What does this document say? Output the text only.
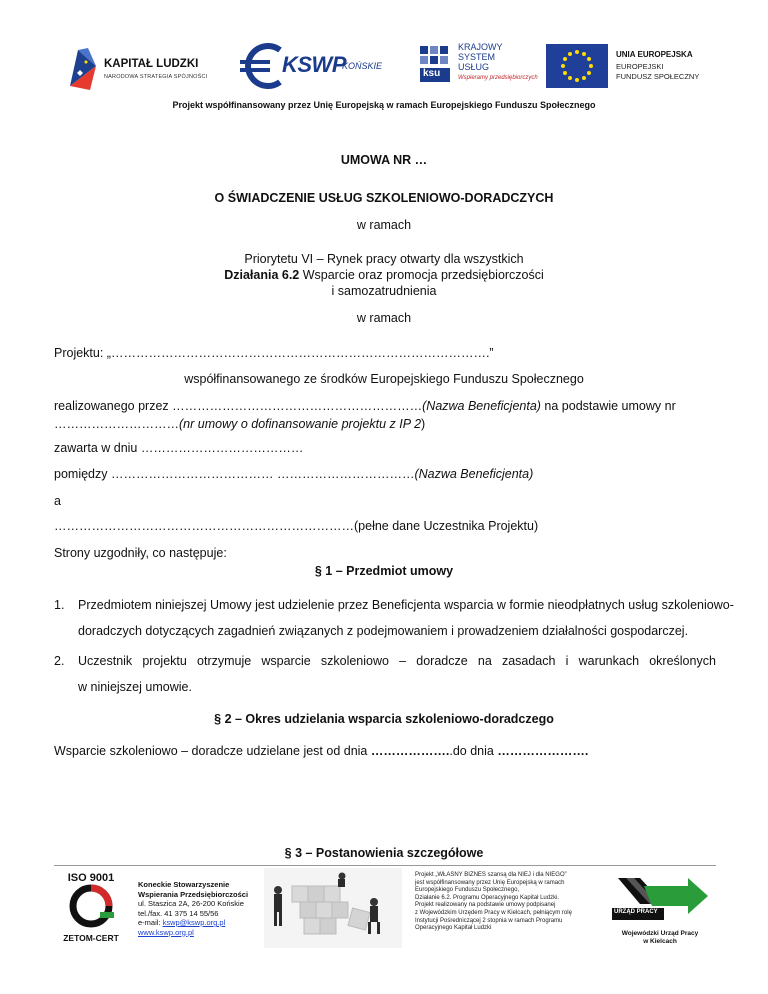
KAPITAŁ LUDZKI
NARODOWA STRATEGIA SPÓJNOŚCI	KSWP
KOŃSKIE
ksu
KRAJOWY
SYSTEM
USŁUG
Wspieramy przedsiębiorczych
UNIA EUROPEJSKA
EUROPEJSKI
FUNDUSZ SPOŁECZNY
Projekt współfinansowany przez Unię Europejską w ramach Europejskiego Funduszu Społecznego
UMOWA NR …
O ŚWIADCZENIE USŁUG SZKOLENIOWO-DORADCZYCH
w ramach
Priorytetu VI – Rynek pracy otwarty dla wszystkich
Działania 6.2 Wsparcie oraz promocja przedsiębiorczości
i samozatrudnienia
w ramach
Projektu: „……………………………………………………………………………….”
współfinansowanego ze środków Europejskiego Funduszu Społecznego
realizowanego przez ……………………………………………………(Nazwa Beneficjenta) na podstawie umowy nr
…………………………(nr umowy o dofinansowanie projektu z IP 2)
zawarta w dniu …………………………………
pomiędzy ………………………………… ……………………………(Nazwa Beneficjenta)
a
………………………………………………………………(pełne dane Uczestnika Projektu)
Strony uzgodniły, co następuje:
§ 1 – Przedmiot umowy
1. Przedmiotem niniejszej Umowy jest udzielenie przez Beneficjenta wsparcia w formie nieodpłatnych usług szkoleniowo-
doradczych dotyczących zagadnień związanych z podejmowaniem i prowadzeniem działalności gospodarczej.
2. Uczestnik projektu otrzymuje wsparcie szkoleniowo – doradcze na zasadach i warunkach określonych
w niniejszej umowie.
§ 2 – Okres udzielania wsparcia szkoleniowo-doradczego
Wsparcie szkoleniowo – doradcze udzielane jest od dnia ………………..do dnia ………………….
§ 3 – Postanowienia szczegółowe
ISO 9001
ZETOM-CERT
Koneckie Stowarzyszenie
Wspierania Przedsiębiorczości
ul. Staszica 2A, 26-200 Końskie
tel./fax. 41 375 14 55/56
e-mail: kswp@kswp.org.pl
www.kswp.org.pl
Projekt „WŁASNY BIZNES szansą dla NIEJ i dla NIEGO”
jest współfinansowany przez Unię Europejską w ramach
Europejskiego Funduszu Społecznego,
Działanie 6.2. Programu Operacyjnego Kapitał Ludzki.
Projekt realizowany na podstawie umowy podpisanej
z Wojewódzkim Urzędem Pracy w Kielcach, pełniącym rolę
Instytucji Pośredniczącej 2 stopnia w ramach Programu
Operacyjnego Kapitał Ludzki
URZĄD PRACY
Wojewódzki Urząd Pracy
w Kielcach
